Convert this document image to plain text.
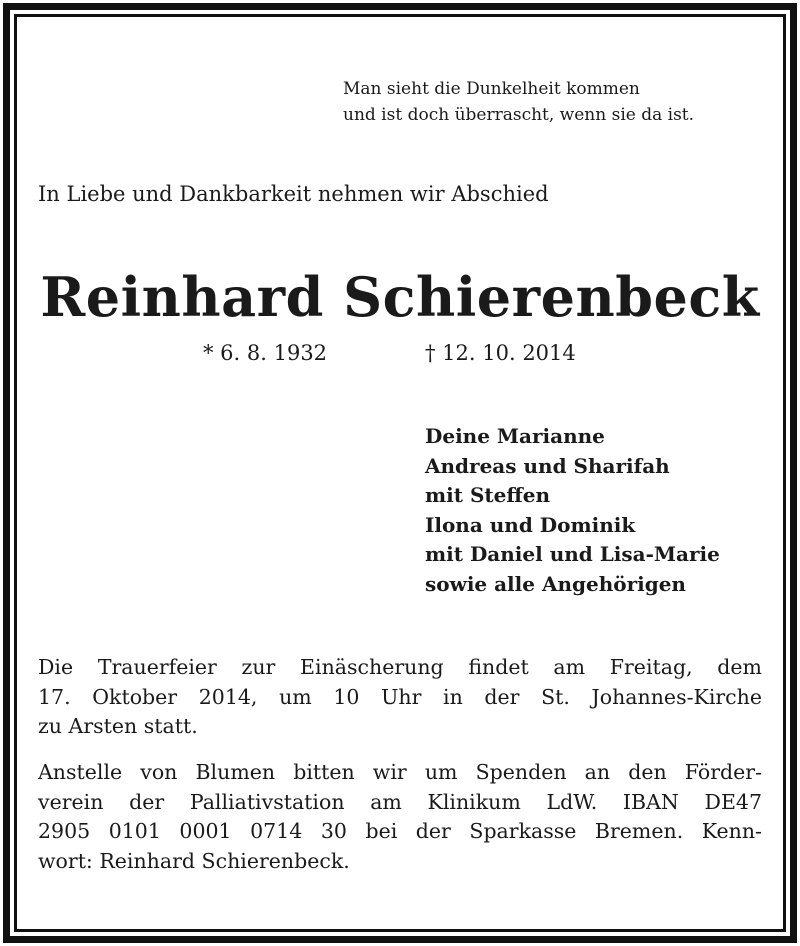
Man sieht die Dunkelheit kommen
und ist doch überrascht, wenn sie da ist.
In Liebe und Dankbarkeit nehmen wir Abschied
Reinhard Schierenbeck
* 6. 8. 1932	† 12. 10. 2014
Deine Marianne
Andreas und Sharifah
mit Steffen
Ilona und Dominik
mit Daniel und Lisa-Marie
sowie alle Angehörigen
Die Trauerfeier zur Einäscherung findet am Freitag, dem
17. Oktober 2014, um 10 Uhr in der St. Johannes-Kirche
zu Arsten statt.
Anstelle von Blumen bitten wir um Spenden an den Förder-
verein der Palliativstation am Klinikum LdW. IBAN DE47
2905 0101 0001 0714 30 bei der Sparkasse Bremen. Kenn-
wort: Reinhard Schierenbeck.
